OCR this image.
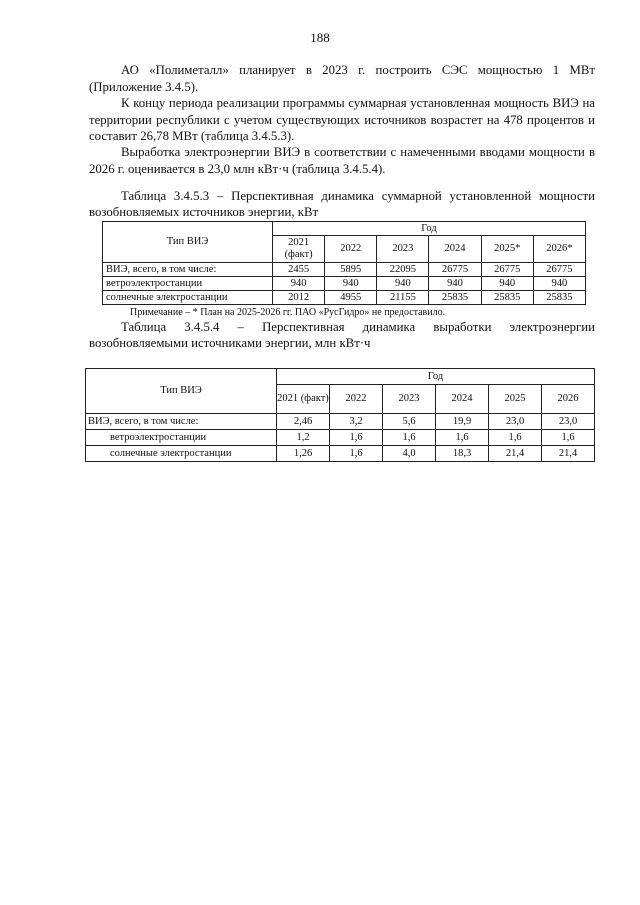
188

АО «Полиметалл» планирует в 2023 г. построить СЭС мощностью 1 МВт (Приложение 3.4.5).

К концу периода реализации программы суммарная установленная мощность ВИЭ на территории республики с учетом существующих источников возрастет на 478 процентов и составит 26,78 МВт (таблица 3.4.5.3).

Выработка электроэнергии ВИЭ в соответствии с намеченными вводами мощности в 2026 г. оценивается в 23,0 млн кВт·ч (таблица 3.4.5.4).

Таблица 3.4.5.3 – Перспективная динамика суммарной установленной мощности возобновляемых источников энергии, кВт

Тип ВИЭ	Год					
	2021 (факт)	2022	2023	2024	2025*	2026*
ВИЭ, всего, в том числе:	2455	5895	22095	26775	26775	26775
ветроэлектростанции	940	940	940	940	940	940
солнечные электростанции	2012	4955	21155	25835	25835	25835
Примечание – * План на 2025-2026 гг. ПАО «РусГидро» не предоставило.

Таблица 3.4.5.4 – Перспективная динамика выработки электроэнергии возобновляемыми источниками энергии, млн кВт·ч

Тип ВИЭ	Год					
	2021 (факт)	2022	2023	2024	2025	2026
ВИЭ, всего, в том числе:	2,46	3,2	5,6	19,9	23,0	23,0
ветроэлектростанции	1,2	1,6	1,6	1,6	1,6	1,6
солнечные электростанции	1,26	1,6	4,0	18,3	21,4	21,4
